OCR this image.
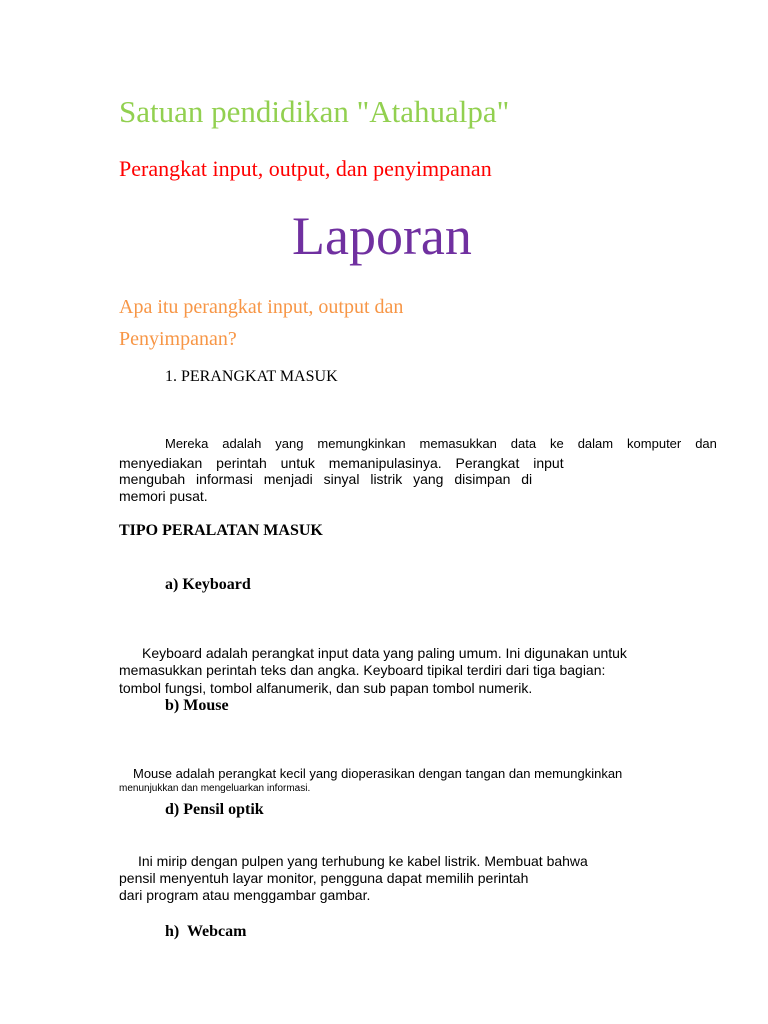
Satuan pendidikan "Atahualpa"

Perangkat input, output, dan penyimpanan

Laporan

Apa itu perangkat input, output dan

Penyimpanan?

1. PERANGKAT MASUK

Mereka adalah yang memungkinkan memasukkan data ke dalam komputer dan

menyediakan perintah untuk memanipulasinya. Perangkat input

mengubah informasi menjadi sinyal listrik yang disimpan di

memori pusat.

TIPO PERALATAN MASUK

a) Keyboard

Keyboard adalah perangkat input data yang paling umum. Ini digunakan untuk

memasukkan perintah teks dan angka. Keyboard tipikal terdiri dari tiga bagian:

tombol fungsi, tombol alfanumerik, dan sub papan tombol numerik.

b) Mouse

Mouse adalah perangkat kecil yang dioperasikan dengan tangan dan memungkinkan

menunjukkan dan mengeluarkan informasi.

d) Pensil optik

Ini mirip dengan pulpen yang terhubung ke kabel listrik. Membuat bahwa

pensil menyentuh layar monitor, pengguna dapat memilih perintah

dari program atau menggambar gambar.

h) Webcam
